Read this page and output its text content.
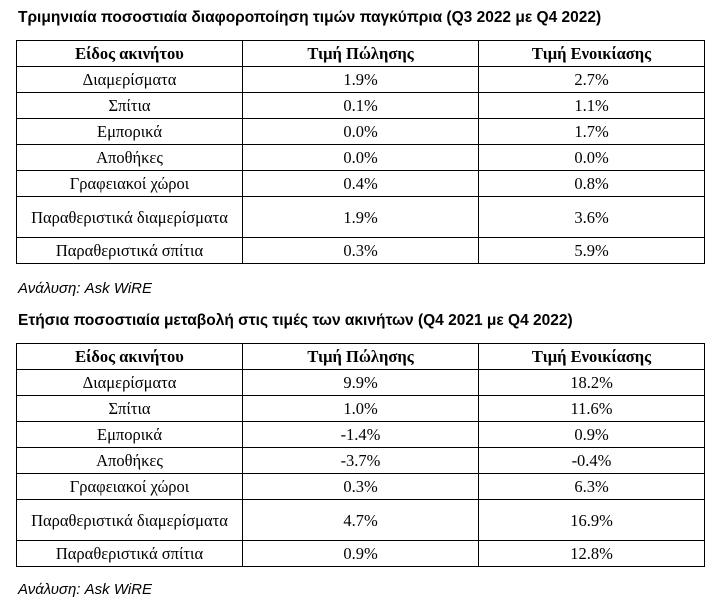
Τριμηνιαία ποσοστιαία διαφοροποίηση τιμών παγκύπρια (Q3 2022 με Q4 2022)
Είδος ακινήτου	Τιμή Πώλησης	Τιμή Ενοικίασης
Διαμερίσματα	1.9%	2.7%
Σπίτια	0.1%	1.1%
Εμπορικά	0.0%	1.7%
Αποθήκες	0.0%	0.0%
Γραφειακοί χώροι	0.4%	0.8%
Παραθεριστικά διαμερίσματα	1.9%	3.6%
Παραθεριστικά σπίτια	0.3%	5.9%
Ανάλυση: Ask WiRE
Ετήσια ποσοστιαία μεταβολή στις τιμές των ακινήτων (Q4 2021 με Q4 2022)
Είδος ακινήτου	Τιμή Πώλησης	Τιμή Ενοικίασης
Διαμερίσματα	9.9%	18.2%
Σπίτια	1.0%	11.6%
Εμπορικά	-1.4%	0.9%
Αποθήκες	-3.7%	-0.4%
Γραφειακοί χώροι	0.3%	6.3%
Παραθεριστικά διαμερίσματα	4.7%	16.9%
Παραθεριστικά σπίτια	0.9%	12.8%
Ανάλυση: Ask WiRE
